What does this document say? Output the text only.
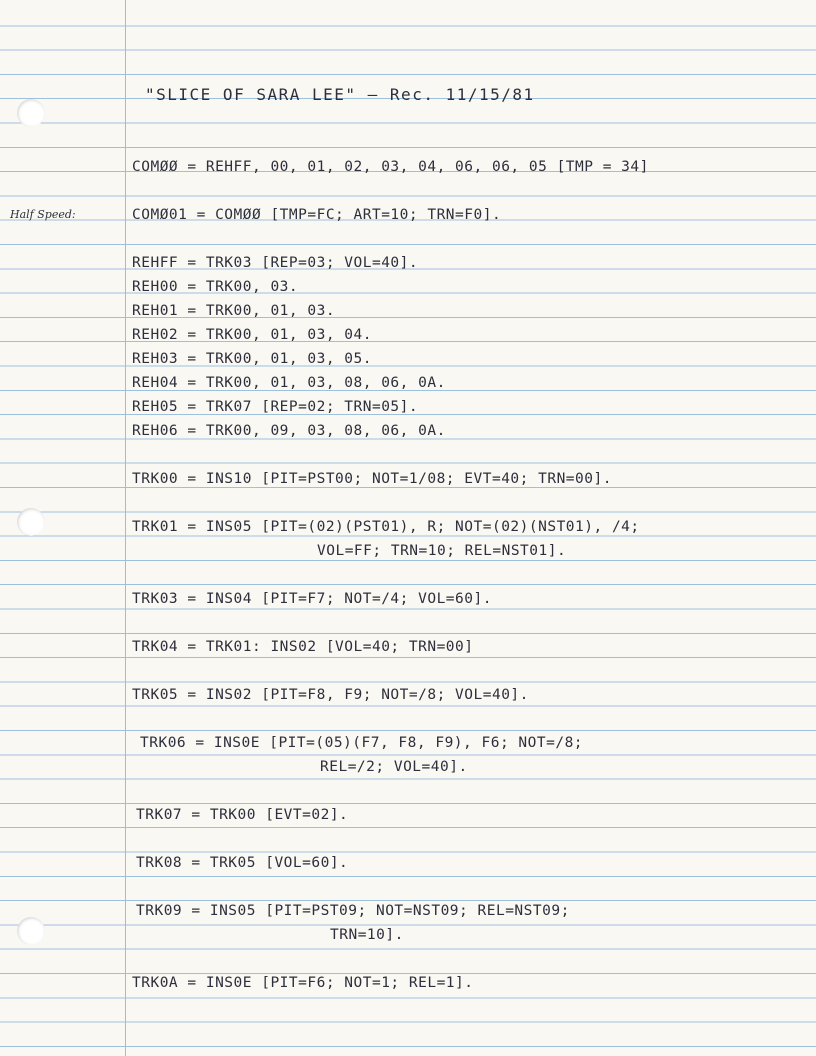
"SLICE OF SARA LEE" — Rec. 11/15/81
COMØØ = REHFF, 00, 01, 02, 03, 04, 06, 06, 05 [TMP = 34]
Half Speed:	COMØ01 = COMØØ [TMP=FC; ART=10; TRN=F0].
REHFF = TRK03 [REP=03; VOL=40].
REH00 = TRK00, 03.
REH01 = TRK00, 01, 03.
REH02 = TRK00, 01, 03, 04.
REH03 = TRK00, 01, 03, 05.
REH04 = TRK00, 01, 03, 08, 06, 0A.
REH05 = TRK07 [REP=02; TRN=05].
REH06 = TRK00, 09, 03, 08, 06, 0A.
TRK00 = INS10 [PIT=PST00; NOT=1/08; EVT=40; TRN=00].
TRK01 = INS05 [PIT=(02)(PST01), R; NOT=(02)(NST01), /4;
VOL=FF; TRN=10; REL=NST01].
TRK03 = INS04 [PIT=F7; NOT=/4; VOL=60].
TRK04 = TRK01: INS02 [VOL=40; TRN=00]
TRK05 = INS02 [PIT=F8, F9; NOT=/8; VOL=40].
TRK06 = INS0E [PIT=(05)(F7, F8, F9), F6; NOT=/8;
REL=/2; VOL=40].
TRK07 = TRK00 [EVT=02].
TRK08 = TRK05 [VOL=60].
TRK09 = INS05 [PIT=PST09; NOT=NST09; REL=NST09;
TRN=10].
TRK0A = INS0E [PIT=F6; NOT=1; REL=1].
